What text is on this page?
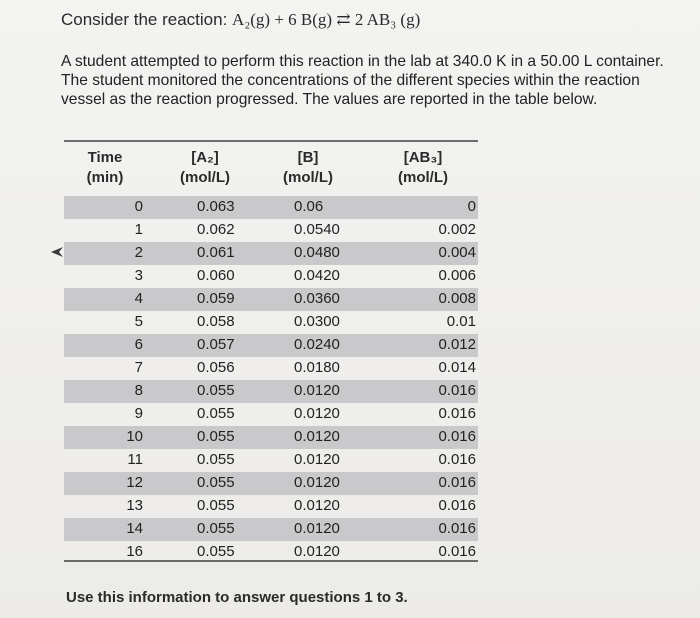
Consider the reaction: A₂(g) + 6 B(g) ⇄ 2 AB₃ (g)
A student attempted to perform this reaction in the lab at 340.0 K in a 50.00 L container. The student monitored the concentrations of the different species within the reaction vessel as the reaction progressed. The values are reported in the table below.
Time
(min)
[A₂]
(mol/L)
[B]
(mol/L)
[AB₃]
(mol/L)
0	0.063	0.06	0
1	0.062	0.0540	0.002
2	0.061	0.0480	0.004
3	0.060	0.0420	0.006
4	0.059	0.0360	0.008
5	0.058	0.0300	0.01
6	0.057	0.0240	0.012
7	0.056	0.0180	0.014
8	0.055	0.0120	0.016
9	0.055	0.0120	0.016
10	0.055	0.0120	0.016
11	0.055	0.0120	0.016
12	0.055	0.0120	0.016
13	0.055	0.0120	0.016
14	0.055	0.0120	0.016
16	0.055	0.0120	0.016
Use this information to answer questions 1 to 3.
